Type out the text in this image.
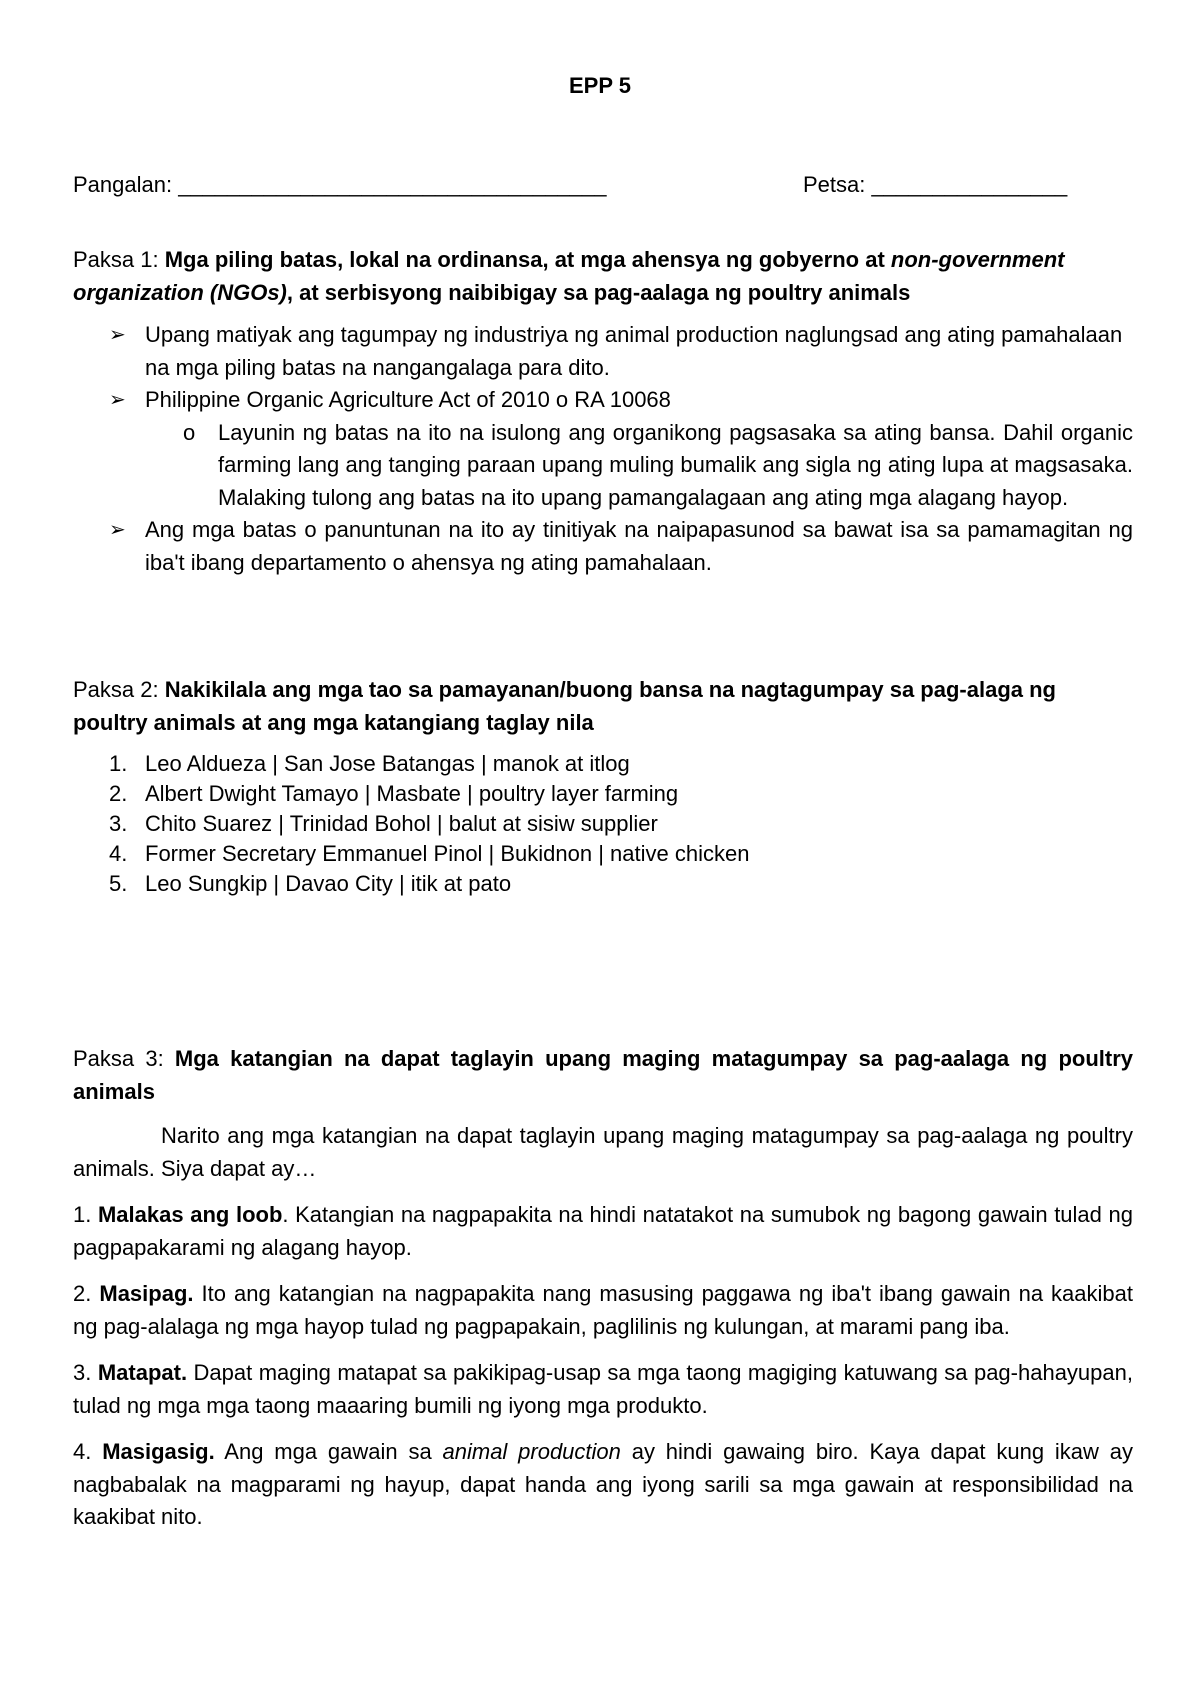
EPP 5
Pangalan: ___________________________________	Petsa: ________________
Paksa 1: Mga piling batas, lokal na ordinansa, at mga ahensya ng gobyerno at non-government organization (NGOs), at serbisyong naibibigay sa pag-aalaga ng poultry animals
➢ Upang matiyak ang tagumpay ng industriya ng animal production naglungsad ang ating pamahalaan na mga piling batas na nangangalaga para dito.
➢ Philippine Organic Agriculture Act of 2010 o RA 10068
o Layunin ng batas na ito na isulong ang organikong pagsasaka sa ating bansa. Dahil organic farming lang ang tanging paraan upang muling bumalik ang sigla ng ating lupa at magsasaka. Malaking tulong ang batas na ito upang pamangalagaan ang ating mga alagang hayop.
➢ Ang mga batas o panuntunan na ito ay tinitiyak na naipapasunod sa bawat isa sa pamamagitan ng iba't ibang departamento o ahensya ng ating pamahalaan.
Paksa 2: Nakikilala ang mga tao sa pamayanan/buong bansa na nagtagumpay sa pag-alaga ng poultry animals at ang mga katangiang taglay nila
1. Leo Aldueza | San Jose Batangas | manok at itlog
2. Albert Dwight Tamayo | Masbate | poultry layer farming
3. Chito Suarez | Trinidad Bohol | balut at sisiw supplier
4. Former Secretary Emmanuel Pinol | Bukidnon | native chicken
5. Leo Sungkip | Davao City | itik at pato
Paksa 3: Mga katangian na dapat taglayin upang maging matagumpay sa pag-aalaga ng poultry animals
Narito ang mga katangian na dapat taglayin upang maging matagumpay sa pag-aalaga ng poultry animals. Siya dapat ay…
1. Malakas ang loob. Katangian na nagpapakita na hindi natatakot na sumubok ng bagong gawain tulad ng pagpapakarami ng alagang hayop.
2. Masipag. Ito ang katangian na nagpapakita nang masusing paggawa ng iba't ibang gawain na kaakibat ng pag-alalaga ng mga hayop tulad ng pagpapakain, paglilinis ng kulungan, at marami pang iba.
3. Matapat. Dapat maging matapat sa pakikipag-usap sa mga taong magiging katuwang sa pag-hahayupan, tulad ng mga mga taong maaaring bumili ng iyong mga produkto.
4. Masigasig. Ang mga gawain sa animal production ay hindi gawaing biro. Kaya dapat kung ikaw ay nagbabalak na magparami ng hayup, dapat handa ang iyong sarili sa mga gawain at responsibilidad na kaakibat nito.
